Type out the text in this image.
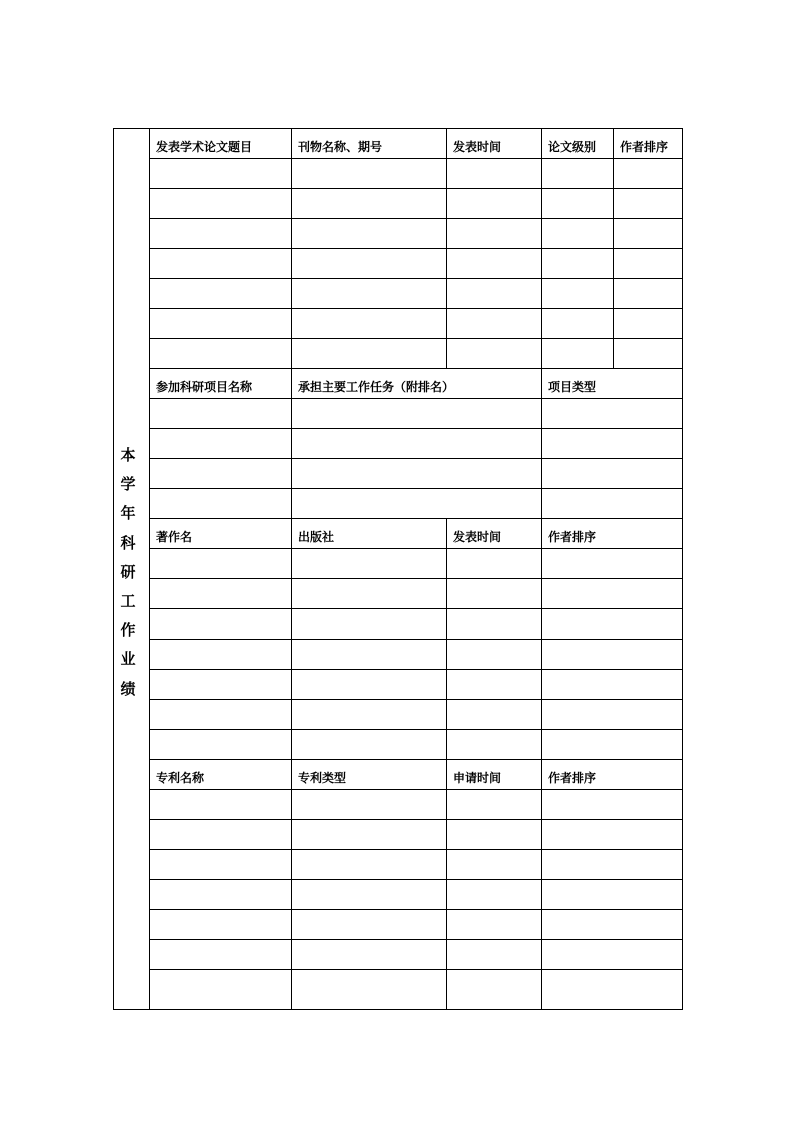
发表学术论文题目	刊物名称、期号	发表时间	论文级别 作者排序
参加科研项目名称	承担主要工作任务（附排名）	项目类型
著作名	出版社	发表时间	作者排序
专利名称	专利类型	申请时间	作者排序
本
学
年
科
研
工
作
业
绩
